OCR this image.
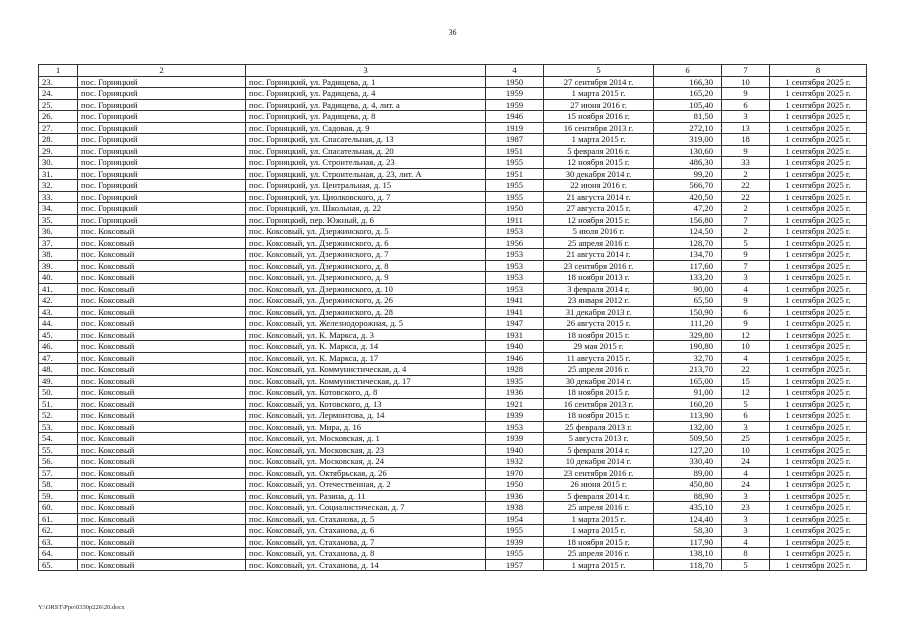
36
1	2	3	4	5	6	7	8
23.	пос. Горняцкий	пос. Горняцкий, ул. Радищева, д. 1	1950	27 сентября 2014 г.	166,30	10	1 сентября 2025 г.
24.	пос. Горняцкий	пос. Горняцкий, ул. Радищева, д. 4	1959	1 марта 2015 г.	165,20	9	1 сентября 2025 г.
25.	пос. Горняцкий	пос. Горняцкий, ул. Радищева, д. 4, лит. а	1959	27 июня 2016 г.	105,40	6	1 сентября 2025 г.
26.	пос. Горняцкий	пос. Горняцкий, ул. Радищева, д. 8	1946	15 ноября 2016 г.	81,50	3	1 сентября 2025 г.
27.	пос. Горняцкий	пос. Горняцкий, ул. Садовая, д. 9	1919	16 сентября 2013 г.	272,10	13	1 сентября 2025 г.
28.	пос. Горняцкий	пос. Горняцкий, ул. Спасательная, д. 13	1987	1 марта 2015 г.	319,00	18	1 сентября 2025 г.
29.	пос. Горняцкий	пос. Горняцкий, ул. Спасательная, д. 20	1951	5 февраля 2016 г.	130,60	9	1 сентября 2025 г.
30.	пос. Горняцкий	пос. Горняцкий, ул. Строительная, д. 23	1955	12 ноября 2015 г.	486,30	33	1 сентября 2025 г.
31.	пос. Горняцкий	пос. Горняцкий, ул. Строительная, д. 23, лит. А	1951	30 декабря 2014 г.	99,20	2	1 сентября 2025 г.
32.	пос. Горняцкий	пос. Горняцкий, ул. Центральная, д. 15	1955	22 июня 2016 г.	566,70	22	1 сентября 2025 г.
33.	пос. Горняцкий	пос. Горняцкий, ул. Циолковского, д. 7	1955	21 августа 2014 г.	420,50	22	1 сентября 2025 г.
34.	пос. Горняцкий	пос. Горняцкий, ул. Школьная, д. 22	1950	27 августа 2015 г.	47,20	2	1 сентября 2025 г.
35.	пос. Горняцкий	пос. Горняцкий, пер. Южный, д. 6	1911	12 ноября 2015 г.	156,80	7	1 сентября 2025 г.
36.	пос. Коксовый	пос. Коксовый, ул. Дзержинского, д. 5	1953	5 июля 2016 г.	124,50	2	1 сентября 2025 г.
37.	пос. Коксовый	пос. Коксовый, ул. Дзержинского, д. 6	1956	25 апреля 2016 г.	128,70	5	1 сентября 2025 г.
38.	пос. Коксовый	пос. Коксовый, ул. Дзержинского, д. 7	1953	21 августа 2014 г.	134,70	9	1 сентября 2025 г.
39.	пос. Коксовый	пос. Коксовый, ул. Дзержинского, д. 8	1953	23 сентября 2016 г.	117,60	7	1 сентября 2025 г.
40.	пос. Коксовый	пос. Коксовый, ул. Дзержинского, д. 9	1953	18 ноября 2013 г.	133,20	3	1 сентября 2025 г.
41.	пос. Коксовый	пос. Коксовый, ул. Дзержинского, д. 10	1953	3 февраля 2014 г.	90,00	4	1 сентября 2025 г.
42.	пос. Коксовый	пос. Коксовый, ул. Дзержинского, д. 26	1941	23 января 2012 г.	65,50	9	1 сентября 2025 г.
43.	пос. Коксовый	пос. Коксовый, ул. Дзержинского, д. 28	1941	31 декабря 2013 г.	150,90	6	1 сентября 2025 г.
44.	пос. Коксовый	пос. Коксовый, ул. Железнодорожная, д. 5	1947	26 августа 2015 г.	111,20	9	1 сентября 2025 г.
45.	пос. Коксовый	пос. Коксовый, ул. К. Маркса, д. 3	1931	18 ноября 2015 г.	329,80	12	1 сентября 2025 г.
46.	пос. Коксовый	пос. Коксовый, ул. К. Маркса, д. 14	1940	29 мая 2015 г.	190,80	10	1 сентября 2025 г.
47.	пос. Коксовый	пос. Коксовый, ул. К. Маркса, д. 17	1946	11 августа 2015 г.	32,70	4	1 сентября 2025 г.
48.	пос. Коксовый	пос. Коксовый, ул. Коммунистическая, д. 4	1928	25 апреля 2016 г.	213,70	22	1 сентября 2025 г.
49.	пос. Коксовый	пос. Коксовый, ул. Коммунистическая, д. 17	1935	30 декабря 2014 г.	165,00	15	1 сентября 2025 г.
50.	пос. Коксовый	пос. Коксовый, ул. Котовского, д. 8	1936	18 ноября 2015 г.	91,00	12	1 сентября 2025 г.
51.	пос. Коксовый	пос. Коксовый, ул. Котовского, д. 13	1921	16 сентября 2013 г.	160,20	5	1 сентября 2025 г.
52.	пос. Коксовый	пос. Коксовый, ул. Лермонтова, д. 14	1939	18 ноября 2015 г.	113,90	6	1 сентября 2025 г.
53.	пос. Коксовый	пос. Коксовый, ул. Мира, д. 16	1953	25 февраля 2013 г.	132,00	3	1 сентября 2025 г.
54.	пос. Коксовый	пос. Коксовый, ул. Московская, д. 1	1939	5 августа 2013 г.	509,50	25	1 сентября 2025 г.
55.	пос. Коксовый	пос. Коксовый, ул. Московская, д. 23	1940	5 февраля 2014 г.	127,20	10	1 сентября 2025 г.
56.	пос. Коксовый	пос. Коксовый, ул. Московская, д. 24	1932	10 декабря 2014 г.	330,40	24	1 сентября 2025 г.
57.	пос. Коксовый	пос. Коксовый, ул. Октябрьская, д. 26	1970	23 сентября 2016 г.	89,00	4	1 сентября 2025 г.
58.	пос. Коксовый	пос. Коксовый, ул. Отечественная, д. 2	1950	26 июня 2015 г.	450,80	24	1 сентября 2025 г.
59.	пос. Коксовый	пос. Коксовый, ул. Разина, д. 11	1936	5 февраля 2014 г.	88,90	3	1 сентября 2025 г.
60.	пос. Коксовый	пос. Коксовый, ул. Социалистическая, д. 7	1938	25 апреля 2016 г.	435,10	23	1 сентября 2025 г.
61.	пос. Коксовый	пос. Коксовый, ул. Стаханова, д. 5	1954	1 марта 2015 г.	124,40	3	1 сентября 2025 г.
62.	пос. Коксовый	пос. Коксовый, ул. Стаханова, д. 6	1955	1 марта 2015 г.	58,30	3	1 сентября 2025 г.
63.	пос. Коксовый	пос. Коксовый, ул. Стаханова, д. 7	1939	18 ноября 2015 г.	117,90	4	1 сентября 2025 г.
64.	пос. Коксовый	пос. Коксовый, ул. Стаханова, д. 8	1955	25 апреля 2016 г.	138,10	8	1 сентября 2025 г.
65.	пос. Коксовый	пос. Коксовый, ул. Стаханова, д. 14	1957	1 марта 2015 г.	118,70	5	1 сентября 2025 г.
Y:\ORST\Ppo\0330p226\20.docx
